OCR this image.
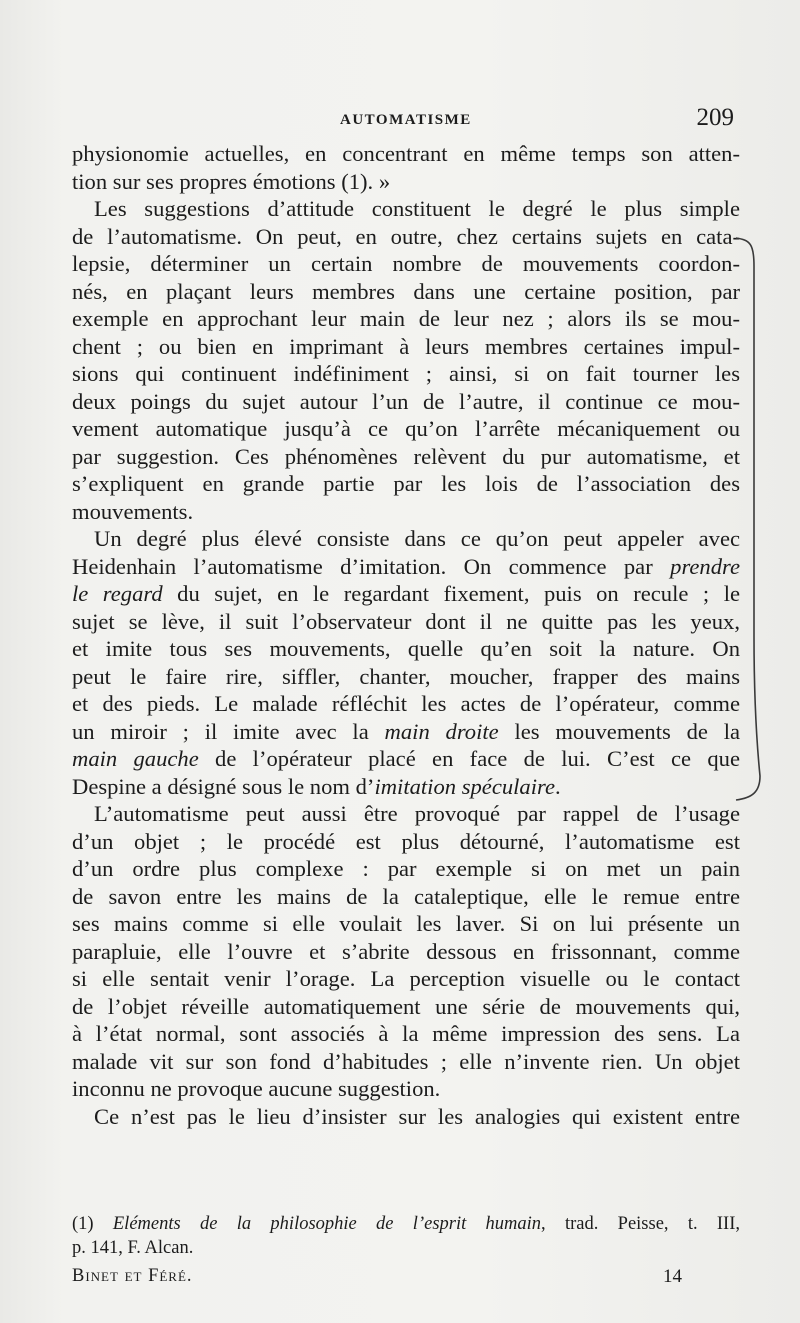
AUTOMATISME	209
physionomie actuelles, en concentrant en même temps son atten-
tion sur ses propres émotions (1). »
Les suggestions d’attitude constituent le degré le plus simple
de l’automatisme. On peut, en outre, chez certains sujets en cata-
lepsie, déterminer un certain nombre de mouvements coordon-
nés, en plaçant leurs membres dans une certaine position, par
exemple en approchant leur main de leur nez ; alors ils se mou-
chent ; ou bien en imprimant à leurs membres certaines impul-
sions qui continuent indéfiniment ; ainsi, si on fait tourner les
deux poings du sujet autour l’un de l’autre, il continue ce mou-
vement automatique jusqu’à ce qu’on l’arrête mécaniquement ou
par suggestion. Ces phénomènes relèvent du pur automatisme, et
s’expliquent en grande partie par les lois de l’association des
mouvements.
Un degré plus élevé consiste dans ce qu’on peut appeler avec
Heidenhain l’automatisme d’imitation. On commence par prendre
le regard du sujet, en le regardant fixement, puis on recule ; le
sujet se lève, il suit l’observateur dont il ne quitte pas les yeux,
et imite tous ses mouvements, quelle qu’en soit la nature. On
peut le faire rire, siffler, chanter, moucher, frapper des mains
et des pieds. Le malade réfléchit les actes de l’opérateur, comme
un miroir ; il imite avec la main droite les mouvements de la
main gauche de l’opérateur placé en face de lui. C’est ce que
Despine a désigné sous le nom d’imitation spéculaire.
L’automatisme peut aussi être provoqué par rappel de l’usage
d’un objet ; le procédé est plus détourné, l’automatisme est
d’un ordre plus complexe : par exemple si on met un pain
de savon entre les mains de la cataleptique, elle le remue entre
ses mains comme si elle voulait les laver. Si on lui présente un
parapluie, elle l’ouvre et s’abrite dessous en frissonnant, comme
si elle sentait venir l’orage. La perception visuelle ou le contact
de l’objet réveille automatiquement une série de mouvements qui,
à l’état normal, sont associés à la même impression des sens. La
malade vit sur son fond d’habitudes ; elle n’invente rien. Un objet
inconnu ne provoque aucune suggestion.
Ce n’est pas le lieu d’insister sur les analogies qui existent entre
(1) Eléments de la philosophie de l’esprit humain, trad. Peisse, t. III,
p. 141, F. Alcan.
Binet et Féré.	14
